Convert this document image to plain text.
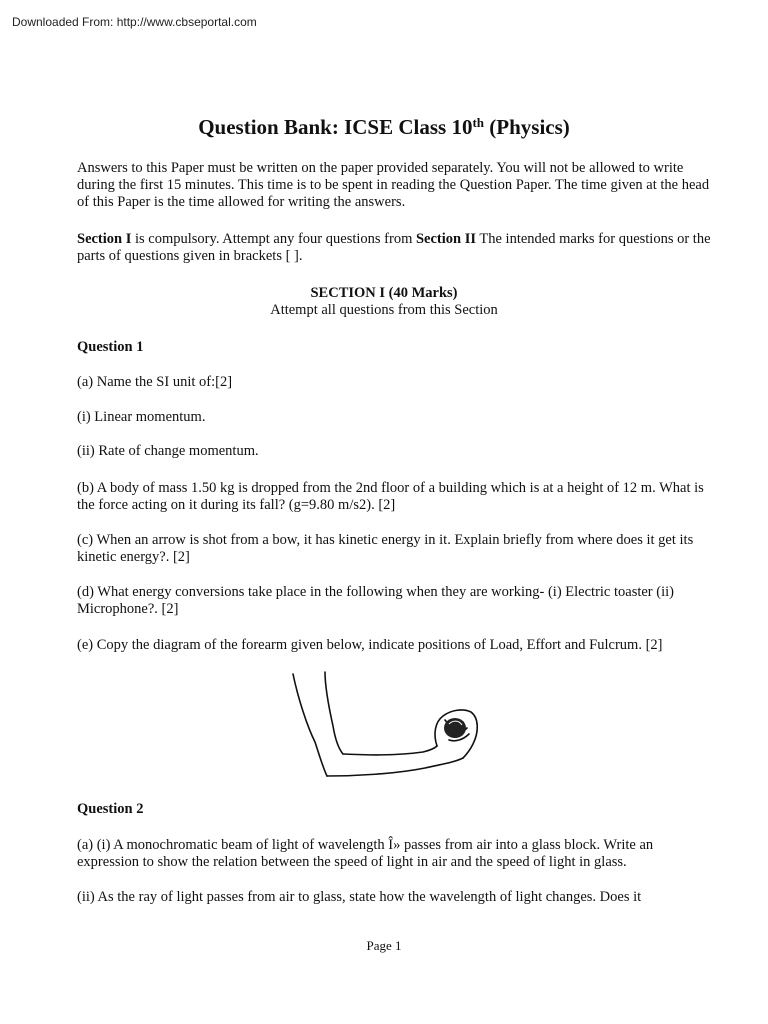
Downloaded From: http://www.cbseportal.com
Question Bank: ICSE Class 10th (Physics)
Answers to this Paper must be written on the paper provided separately. You will not be allowed to write during the first 15 minutes. This time is to be spent in reading the Question Paper. The time given at the head of this Paper is the time allowed for writing the answers.
Section I is compulsory. Attempt any four questions from Section II The intended marks for questions or the parts of questions given in brackets [ ].
SECTION I (40 Marks)
Attempt all questions from this Section
Question 1
(a) Name the SI unit of:[2]
(i) Linear momentum.
(ii) Rate of change momentum.
(b) A body of mass 1.50 kg is dropped from the 2nd floor of a building which is at a height of 12 m. What is the force acting on it during its fall? (g=9.80 m/s2). [2]
(c) When an arrow is shot from a bow, it has kinetic energy in it. Explain briefly from where does it get its kinetic energy?. [2]
(d) What energy conversions take place in the following when they are working- (i) Electric toaster (ii) Microphone?. [2]
(e) Copy the diagram of the forearm given below, indicate positions of Load, Effort and Fulcrum. [2]
Question 2
(a) (i) A monochromatic beam of light of wavelength Î» passes from air into a glass block. Write an expression to show the relation between the speed of light in air and the speed of light in glass.
(ii) As the ray of light passes from air to glass, state how the wavelength of light changes. Does it
Page 1
